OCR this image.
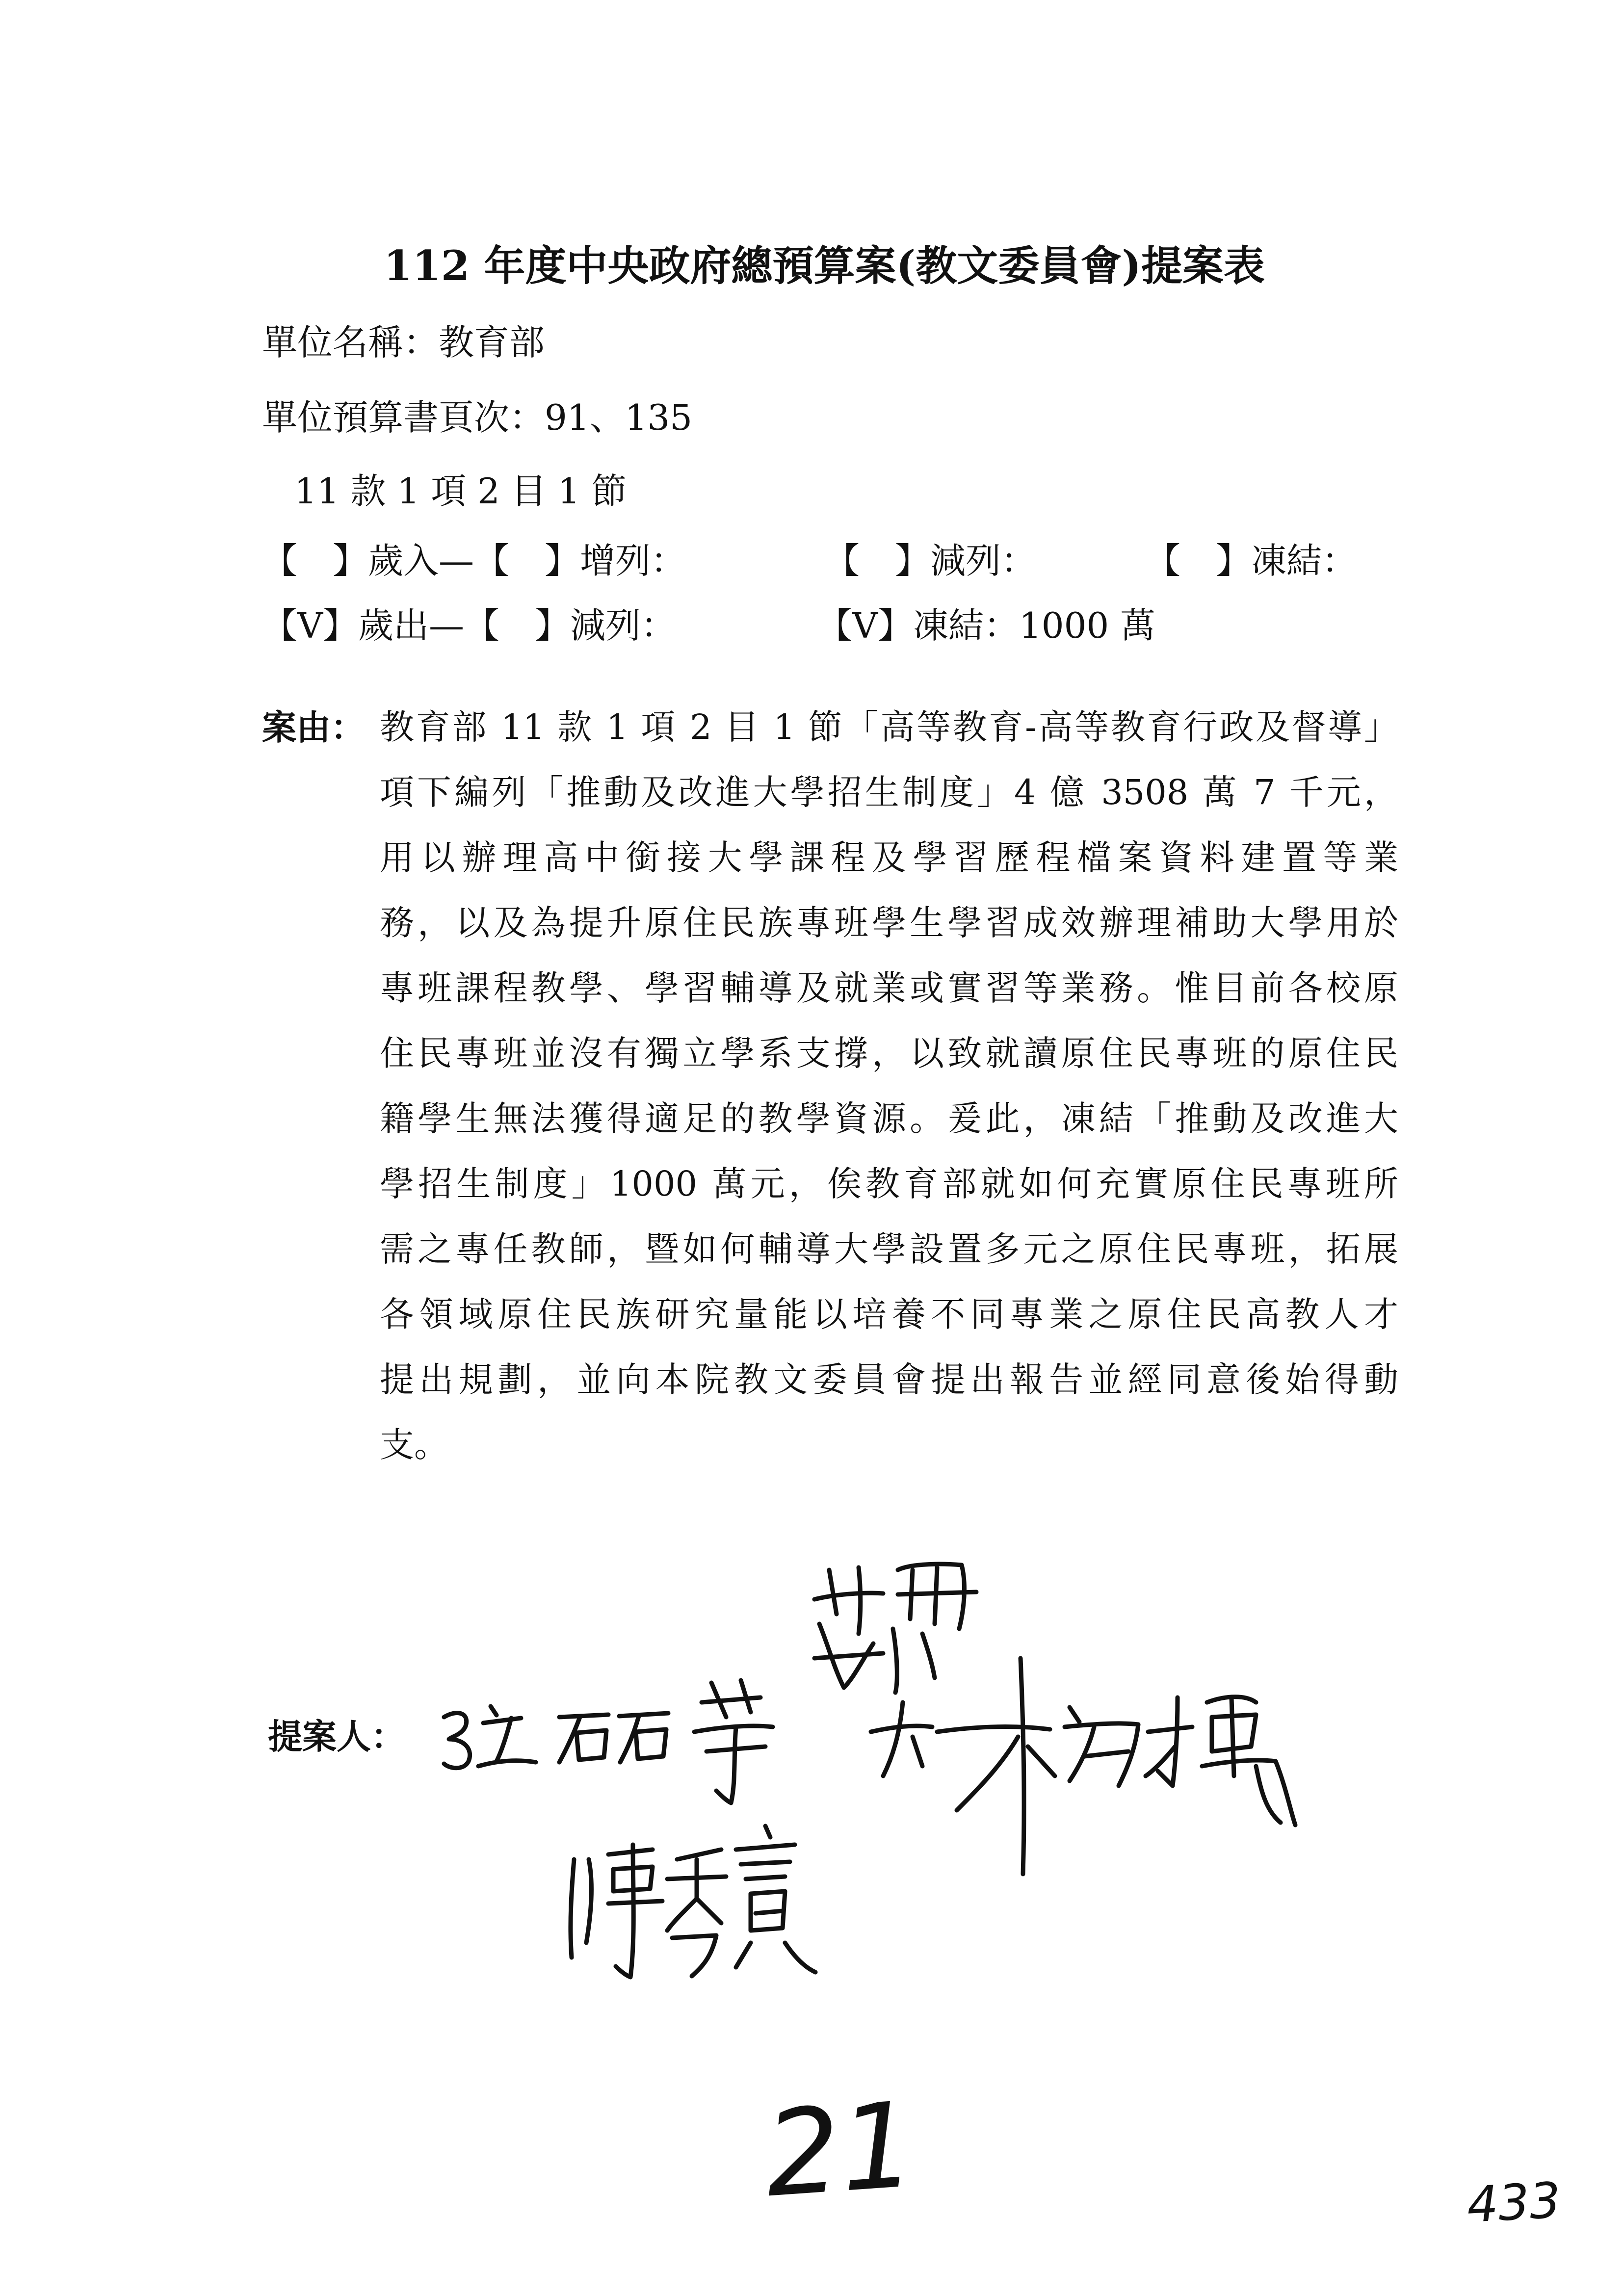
112 年度中央政府總預算案(教文委員會)提案表
單位名稱：教育部
單位預算書頁次：91、135
11 款 1 項 2 目 1 節
【　】歲入—【　】增列：	【　】減列：	【　】凍結：
【V】歲出—【　】減列：	【V】凍結：1000 萬
案由： 教育部 11 款 1 項 2 目 1 節「高等教育-高等教育行政及督導」
項下編列「推動及改進大學招生制度」4 億 3508 萬 7 千元，
用以辦理高中銜接大學課程及學習歷程檔案資料建置等業
務，以及為提升原住民族專班學生學習成效辦理補助大學用於
專班課程教學、學習輔導及就業或實習等業務。惟目前各校原
住民專班並沒有獨立學系支撐，以致就讀原住民專班的原住民
籍學生無法獲得適足的教學資源。爰此，凍結「推動及改進大
學招生制度」1000 萬元，俟教育部就如何充實原住民專班所
需之專任教師，暨如何輔導大學設置多元之原住民專班，拓展
各領域原住民族研究量能以培養不同專業之原住民高教人才
提出規劃，並向本院教文委員會提出報告並經同意後始得動
支。
提案人：
21	433
